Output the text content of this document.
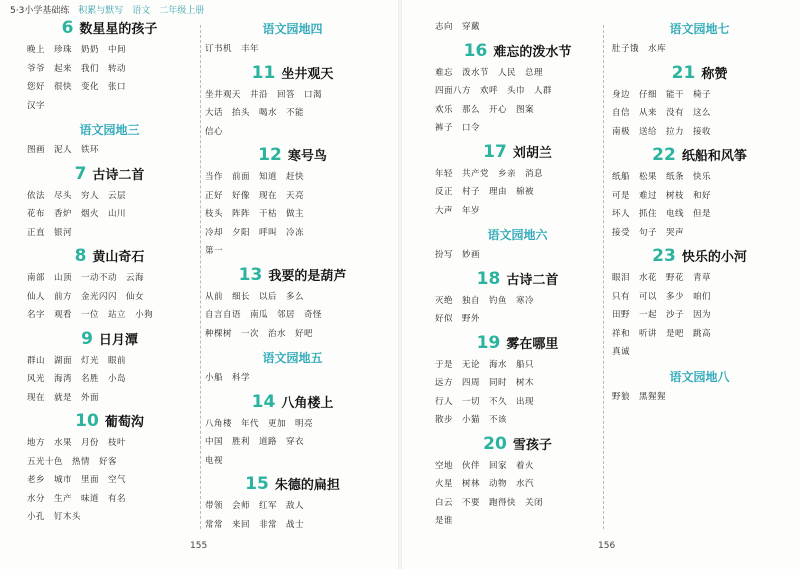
5·3小学基础练 积累与默写　语文　二年级上册
6 数星星的孩子
晚上 珍珠 奶奶 中间
爷爷 起来 我们 转动
您好 很快 变化 张口
汉字
语文园地三
图画 泥人 铁环
7 古诗二首
依法 尽头 穷人 云层
花布 香炉 烟火 山川
正直 银河
8 黄山奇石
南部 山顶 一动不动 云海
仙人 前方 金光闪闪 仙女
名字 观看 一位 站立 小狗
9 日月潭
群山 湖面 灯光 眼前
风光 海湾 名胜 小岛
现在 就是 外面
10 葡萄沟
地方 水果 月份 枝叶
五光十色 热情 好客
老乡 城市 里面 空气
水分 生产 味道 有名
小孔 钉木头
语文园地四
订书机 丰年
11 坐井观天
坐井观天 井沿 回答 口渴
大话 抬头 喝水 不能
信心
12 寒号鸟
当作 前面 知道 赶快
正好 好像 现在 天亮
枝头 阵阵 干枯 做主
冷却 夕阳 呼叫 冷冻
第一
13 我要的是葫芦
从前 细长 以后 多么
自言自语 南瓜 邻居 奇怪
种棵树 一次 治水 好吧
语文园地五
小船 科学
14 八角楼上
八角楼 年代 更加 明亮
中国 胜利 道路 穿衣
电视
15 朱德的扁担
带领 会师 红军 敌人
常常 来回 非常 战士
志向 穿戴
16 难忘的泼水节
难忘 泼水节 人民 总理
四面八方 欢呼 头巾 人群
欢乐 那么 开心 图案
裤子 口令
17 刘胡兰
年轻 共产党 乡亲 消息
反正 村子 理由 棉被
大声 年岁
语文园地六
扮写 妙画
18 古诗二首
灭绝 独自 钓鱼 寒冷
好似 野外
19 雾在哪里
于是 无论 海水 船只
远方 四周 同时 树木
行人 一切 不久 出现
散步 小猫 不该
20 雪孩子
空地 伙伴 回家 着火
火星 树林 动物 水汽
白云 不要 跑得快 关闭
是谁
语文园地七
肚子饿 水库
21 称赞
身边 仔细 能干 椅子
自信 从来 没有 这么
南极 送给 拉力 接收
22 纸船和风筝
纸船 松果 纸条 快乐
可是 难过 树枝 和好
坏人 抓住 电线 但是
接受 句子 哭声
23 快乐的小河
眼泪 水花 野花 青草
只有 可以 多少 咱们
田野 一起 沙子 因为
祥和 听讲 是吧 跳高
真诚
语文园地八
野狼 黑猩猩
155	156
